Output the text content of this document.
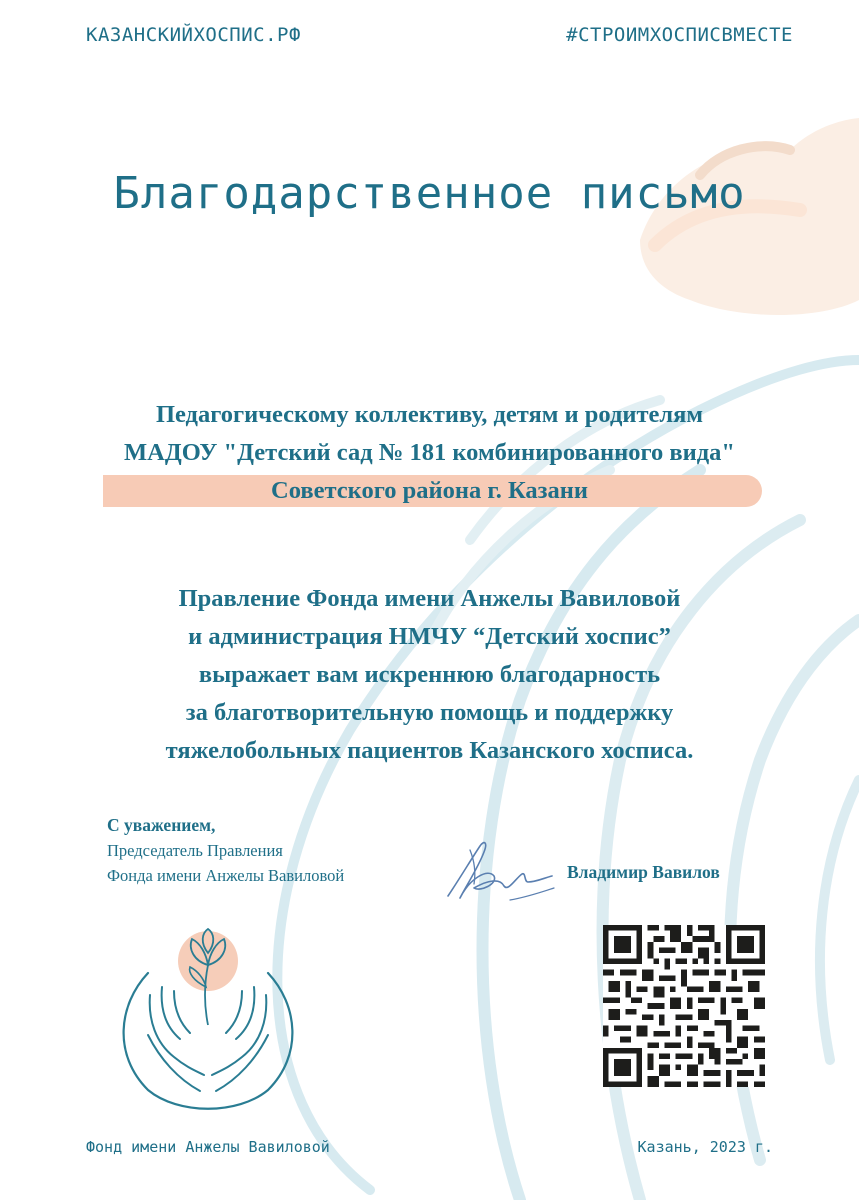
КАЗАНСКИЙХОСПИС.РФ	#СТРОИМХОСПИСВМЕСТЕ
Благодарственное письмо
Педагогическому коллективу, детям и родителям
МАДОУ "Детский сад № 181 комбинированного вида"
Советского района г. Казани
Правление Фонда имени Анжелы Вавиловой
и администрация НМЧУ “Детский хоспис”
выражает вам искреннюю благодарность
за благотворительную помощь и поддержку
тяжелобольных пациентов Казанского хосписа.
С уважением,
Председатель Правления
Фонда имени Анжелы Вавиловой	Владимир Вавилов
Фонд имени Анжелы Вавиловой	Казань, 2023 г.
